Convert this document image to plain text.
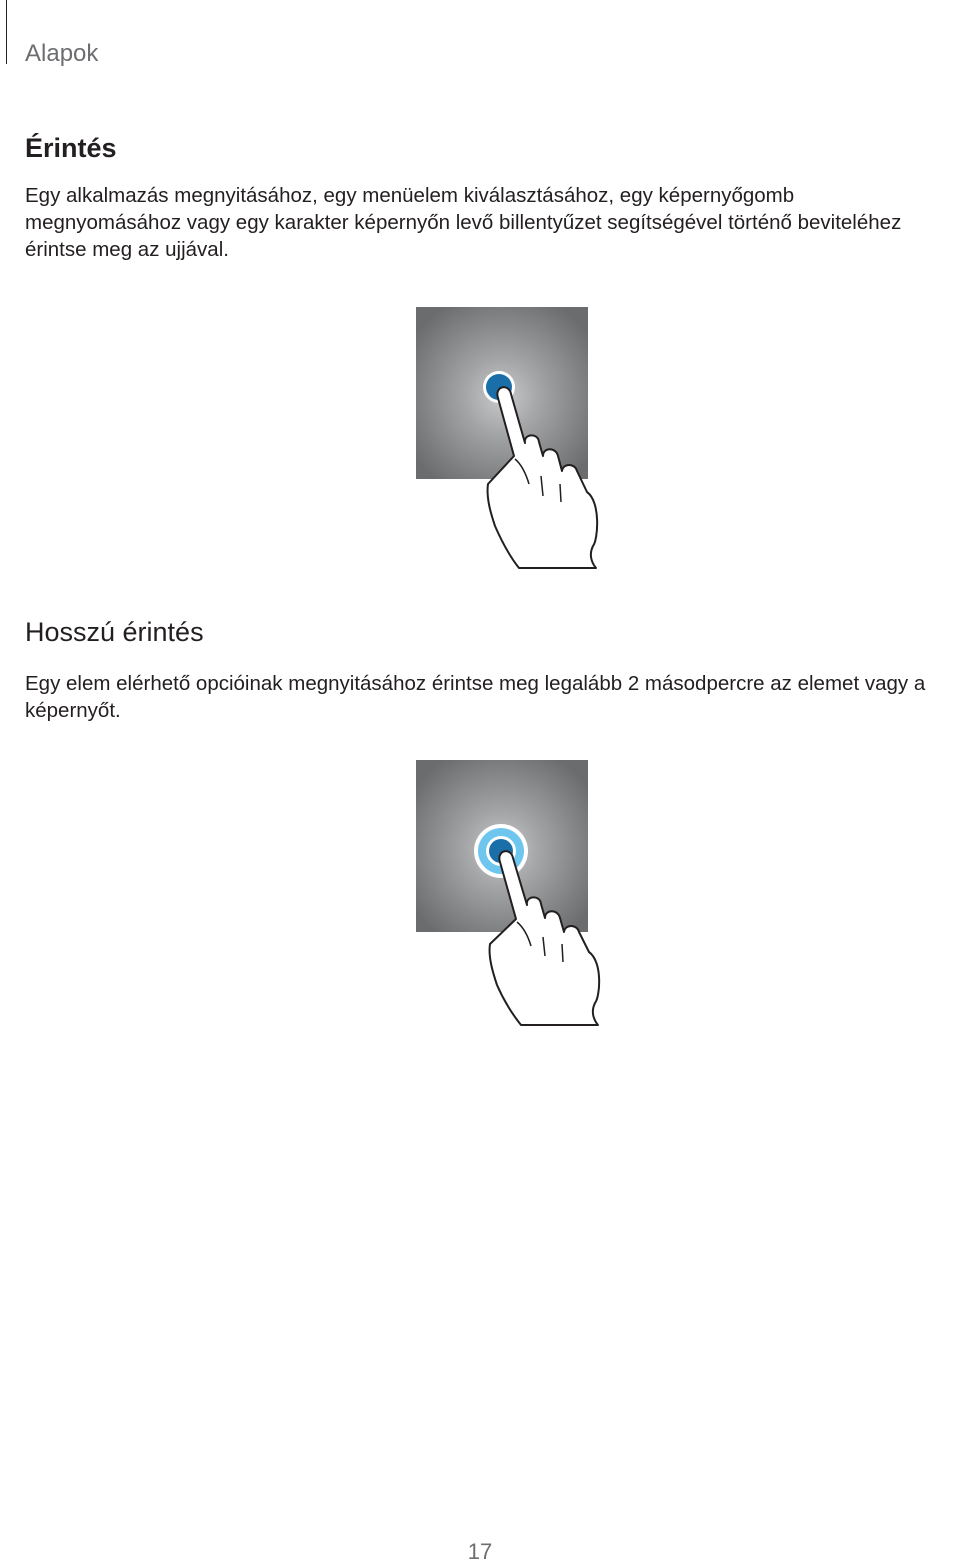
Alapok
Érintés

Egy alkalmazás megnyitásához, egy menüelem kiválasztásához, egy képernyőgomb megnyomásához vagy egy karakter képernyőn levő billentyűzet segítségével történő beviteléhez érintse meg az ujjával.

Hosszú érintés

Egy elem elérhető opcióinak megnyitásához érintse meg legalább 2 másodpercre az elemet vagy a képernyőt.

17
